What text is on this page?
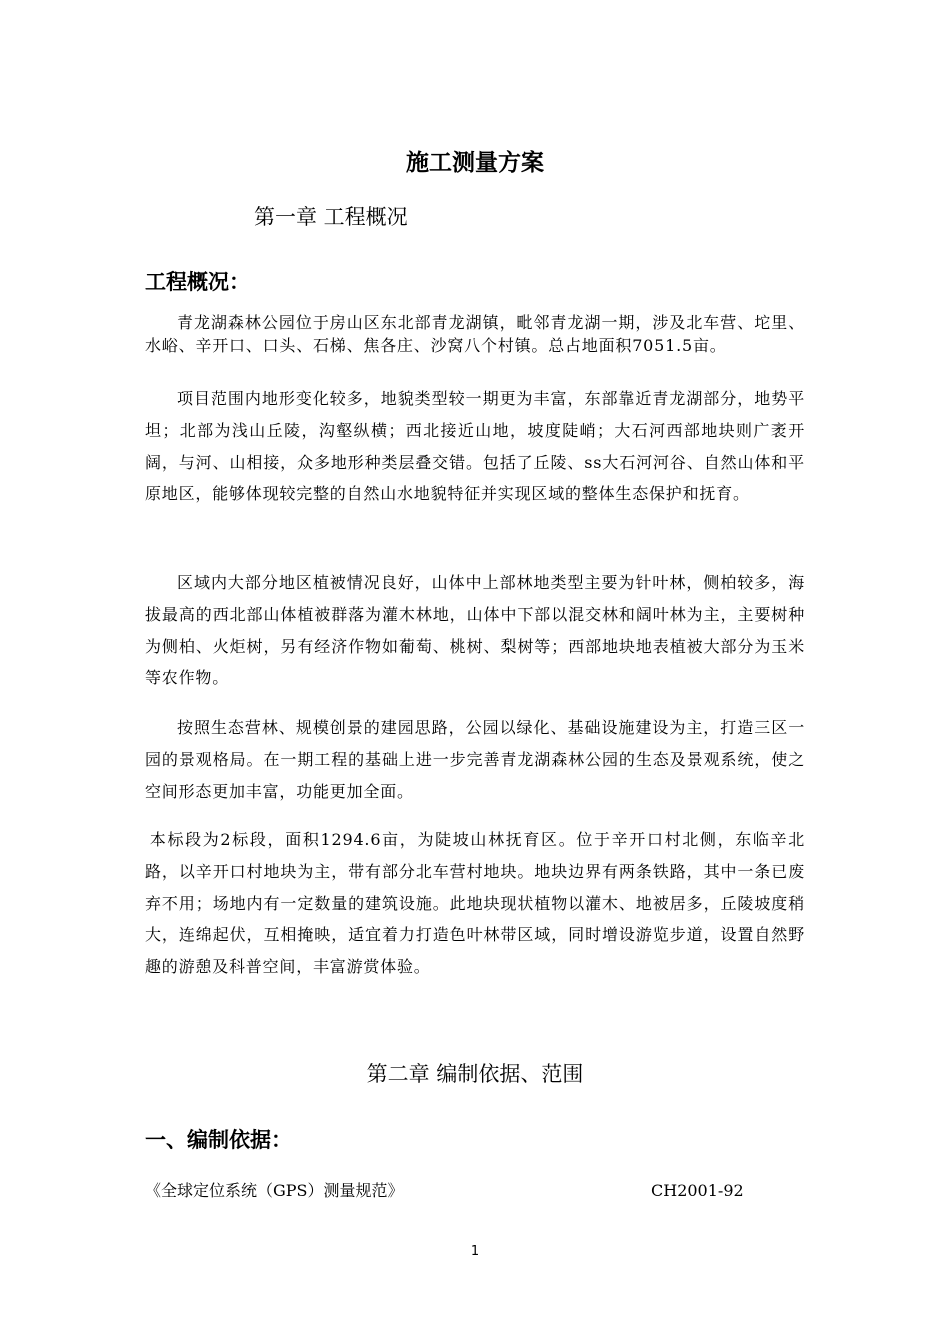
施工测量方案
第一章 工程概况
工程概况：

青龙湖森林公园位于房山区东北部青龙湖镇，毗邻青龙湖一期，涉及北车营、坨里、水峪、辛开口、口头、石梯、焦各庄、沙窝八个村镇。总占地面积7051.5亩。

项目范围内地形变化较多，地貌类型较一期更为丰富，东部靠近青龙湖部分，地势平坦；北部为浅山丘陵，沟壑纵横；西北接近山地，坡度陡峭；大石河西部地块则广袤开阔，与河、山相接，众多地形种类层叠交错。包括了丘陵、ss大石河河谷、自然山体和平原地区，能够体现较完整的自然山水地貌特征并实现区域的整体生态保护和抚育。

区域内大部分地区植被情况良好，山体中上部林地类型主要为针叶林，侧柏较多，海拔最高的西北部山体植被群落为灌木林地，山体中下部以混交林和阔叶林为主，主要树种为侧柏、火炬树，另有经济作物如葡萄、桃树、梨树等；西部地块地表植被大部分为玉米等农作物。

按照生态营林、规模创景的建园思路，公园以绿化、基础设施建设为主，打造三区一园的景观格局。在一期工程的基础上进一步完善青龙湖森林公园的生态及景观系统，使之空间形态更加丰富，功能更加全面。

本标段为2标段，面积1294.6亩，为陡坡山林抚育区。位于辛开口村北侧，东临辛北路，以辛开口村地块为主，带有部分北车营村地块。地块边界有两条铁路，其中一条已废弃不用；场地内有一定数量的建筑设施。此地块现状植物以灌木、地被居多，丘陵坡度稍大，连绵起伏，互相掩映，适宜着力打造色叶林带区域，同时增设游览步道，设置自然野趣的游憩及科普空间，丰富游赏体验。

第二章 编制依据、范围
一、编制依据：
《全球定位系统（GPS）测量规范》	CH2001-92
1
